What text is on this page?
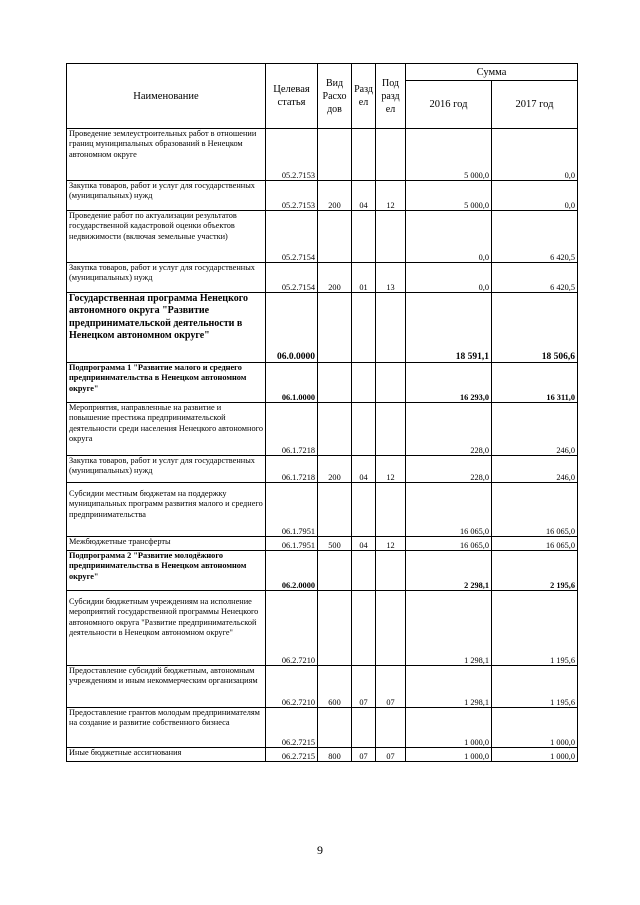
Наименование	Целевая статья	Вид Расхо дов	Разд ел	Под разд ел	Сумма	
					2016 год	2017 год
Проведение землеустроительных работ в отношении границ муниципальных образований в Ненецком автономном округе	05.2.7153				5 000,0	0,0
Закупка товаров, работ и услуг для государственных (муниципальных) нужд	05.2.7153	200	04	12	5 000,0	0,0
Проведение работ по актуализации результатов государственной кадастровой оценки объектов недвижимости (включая земельные участки)	05.2.7154				0,0	6 420,5
Закупка товаров, работ и услуг для государственных (муниципальных) нужд	05.2.7154	200	01	13	0,0	6 420,5
Государственная программа Ненецкого автономного округа "Развитие предпринимательской деятельности в Ненецком автономном округе"	06.0.0000				18 591,1	18 506,6
Подпрограмма 1 "Развитие малого и среднего предпринимательства в Ненецком автономном округе"	06.1.0000				16 293,0	16 311,0
Мероприятия, направленные на развитие и повышение престижа предпринимательской деятельности среди населения Ненецкого автономного округа	06.1.7218				228,0	246,0
Закупка товаров, работ и услуг для государственных (муниципальных) нужд	06.1.7218	200	04	12	228,0	246,0
Субсидии местным бюджетам на поддержку муниципальных программ развития малого и среднего предпринимательства	06.1.7951				16 065,0	16 065,0
Межбюджетные трансферты	06.1.7951	500	04	12	16 065,0	16 065,0
Подпрограмма 2 "Развитие молодёжного предпринимательства в Ненецком автономном округе"	06.2.0000				2 298,1	2 195,6
Субсидии бюджетным учреждениям на исполнение мероприятий государственной программы Ненецкого автономного округа "Развитие предпринимательской деятельности в Ненецком автономном округе"	06.2.7210				1 298,1	1 195,6
Предоставление субсидий бюджетным, автономным учреждениям и иным некоммерческим организациям	06.2.7210	600	07	07	1 298,1	1 195,6
Предоставление грантов молодым предпринимателям на создание и развитие собственного бизнеса	06.2.7215				1 000,0	1 000,0
Иные бюджетные ассигнования	06.2.7215	800	07	07	1 000,0	1 000,0
9
